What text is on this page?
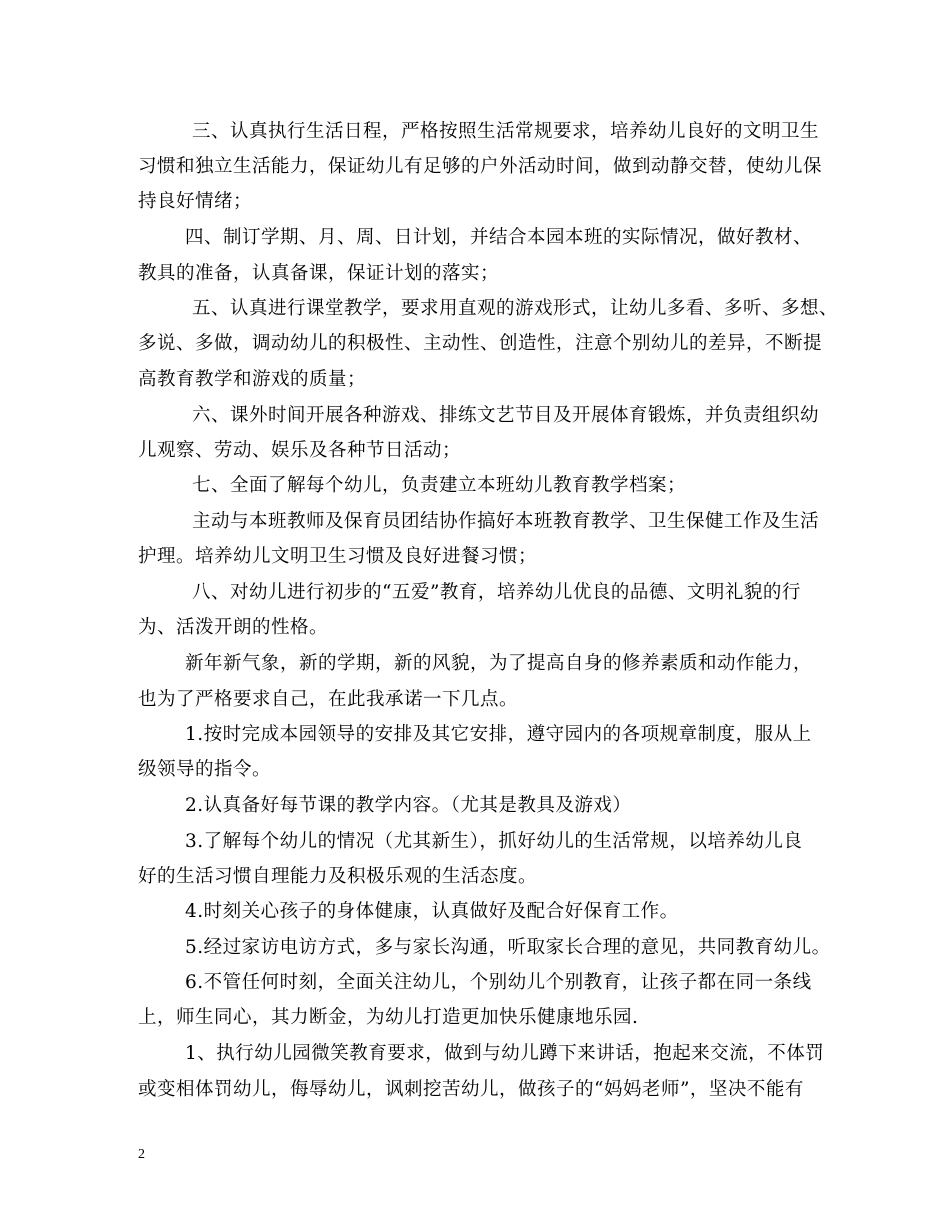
三、认真执行生活日程，严格按照生活常规要求，培养幼儿良好的文明卫生
习惯和独立生活能力，保证幼儿有足够的户外活动时间，做到动静交替，使幼儿保
持良好情绪；
四、制订学期、月、周、日计划，并结合本园本班的实际情况，做好教材、
教具的准备，认真备课，保证计划的落实；
五、认真进行课堂教学，要求用直观的游戏形式，让幼儿多看、多听、多想、
多说、多做，调动幼儿的积极性、主动性、创造性，注意个别幼儿的差异，不断提
高教育教学和游戏的质量；
六、课外时间开展各种游戏、排练文艺节目及开展体育锻炼，并负责组织幼
儿观察、劳动、娱乐及各种节日活动；
七、全面了解每个幼儿，负责建立本班幼儿教育教学档案；
主动与本班教师及保育员团结协作搞好本班教育教学、卫生保健工作及生活
护理。培养幼儿文明卫生习惯及良好进餐习惯；
八、对幼儿进行初步的“五爱”教育，培养幼儿优良的品德、文明礼貌的行
为、活泼开朗的性格。
新年新气象，新的学期，新的风貌，为了提高自身的修养素质和动作能力，
也为了严格要求自己，在此我承诺一下几点。
1.按时完成本园领导的安排及其它安排，遵守园内的各项规章制度，服从上
级领导的指令。
2.认真备好每节课的教学内容。（尤其是教具及游戏）
3.了解每个幼儿的情况（尤其新生），抓好幼儿的生活常规，以培养幼儿良
好的生活习惯自理能力及积极乐观的生活态度。
4.时刻关心孩子的身体健康，认真做好及配合好保育工作。
5.经过家访电访方式，多与家长沟通，听取家长合理的意见，共同教育幼儿。
6.不管任何时刻，全面关注幼儿，个别幼儿个别教育，让孩子都在同一条线
上，师生同心，其力断金，为幼儿打造更加快乐健康地乐园.
1、执行幼儿园微笑教育要求，做到与幼儿蹲下来讲话，抱起来交流，不体罚
或变相体罚幼儿，侮辱幼儿，讽刺挖苦幼儿，做孩子的“妈妈老师”，坚决不能有
2
